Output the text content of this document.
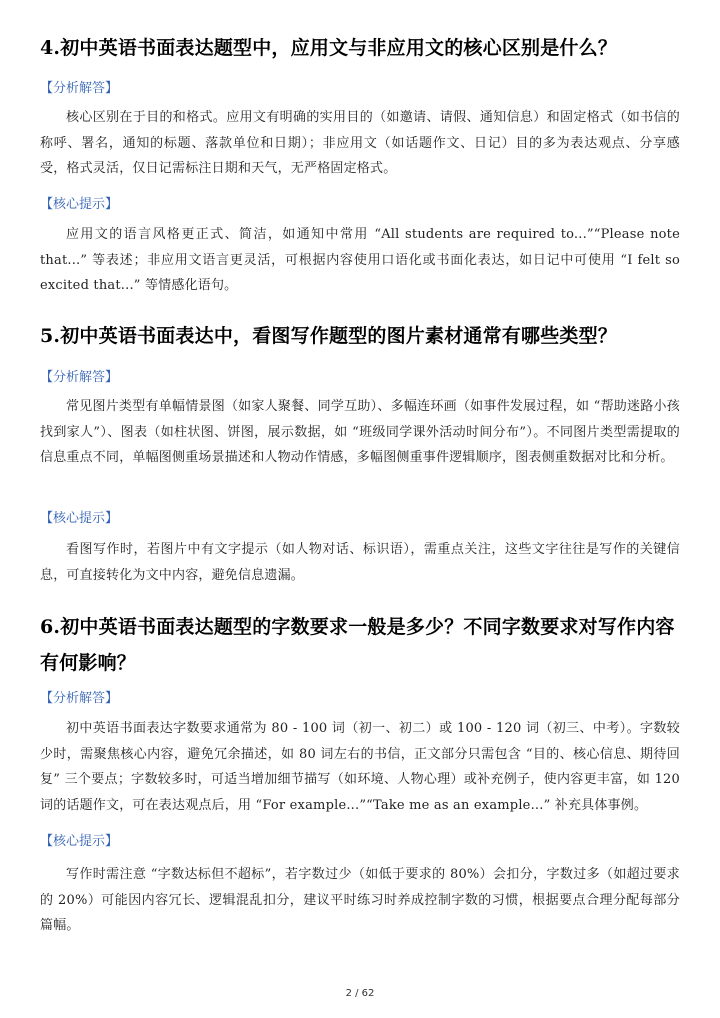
4.初中英语书面表达题型中，应用文与非应用文的核心区别是什么？
【分析解答】

核心区别在于目的和格式。应用文有明确的实用目的（如邀请、请假、通知信息）和固定格式（如书信的称呼、署名，通知的标题、落款单位和日期）；非应用文（如话题作文、日记）目的多为表达观点、分享感受，格式灵活，仅日记需标注日期和天气，无严格固定格式。

【核心提示】

应用文的语言风格更正式、简洁，如通知中常用 “All students are required to...”“Please note that...” 等表述；非应用文语言更灵活，可根据内容使用口语化或书面化表达，如日记中可使用 “I felt so excited that...” 等情感化语句。

5.初中英语书面表达中，看图写作题型的图片素材通常有哪些类型？
【分析解答】

常见图片类型有单幅情景图（如家人聚餐、同学互助）、多幅连环画（如事件发展过程，如 “帮助迷路小孩找到家人”）、图表（如柱状图、饼图，展示数据，如 “班级同学课外活动时间分布”）。不同图片类型需提取的信息重点不同，单幅图侧重场景描述和人物动作情感，多幅图侧重事件逻辑顺序，图表侧重数据对比和分析。

【核心提示】

看图写作时，若图片中有文字提示（如人物对话、标识语），需重点关注，这些文字往往是写作的关键信息，可直接转化为文中内容，避免信息遗漏。

6.初中英语书面表达题型的字数要求一般是多少？不同字数要求对写作内容有何影响？
【分析解答】

初中英语书面表达字数要求通常为 80 - 100 词（初一、初二）或 100 - 120 词（初三、中考）。字数较少时，需聚焦核心内容，避免冗余描述，如 80 词左右的书信，正文部分只需包含 “目的、核心信息、期待回复” 三个要点；字数较多时，可适当增加细节描写（如环境、人物心理）或补充例子，使内容更丰富，如 120 词的话题作文，可在表达观点后，用 “For example...”“Take me as an example...” 补充具体事例。

【核心提示】

写作时需注意 “字数达标但不超标”，若字数过少（如低于要求的 80%）会扣分，字数过多（如超过要求的 20%）可能因内容冗长、逻辑混乱扣分，建议平时练习时养成控制字数的习惯，根据要点合理分配每部分篇幅。

2 / 62
